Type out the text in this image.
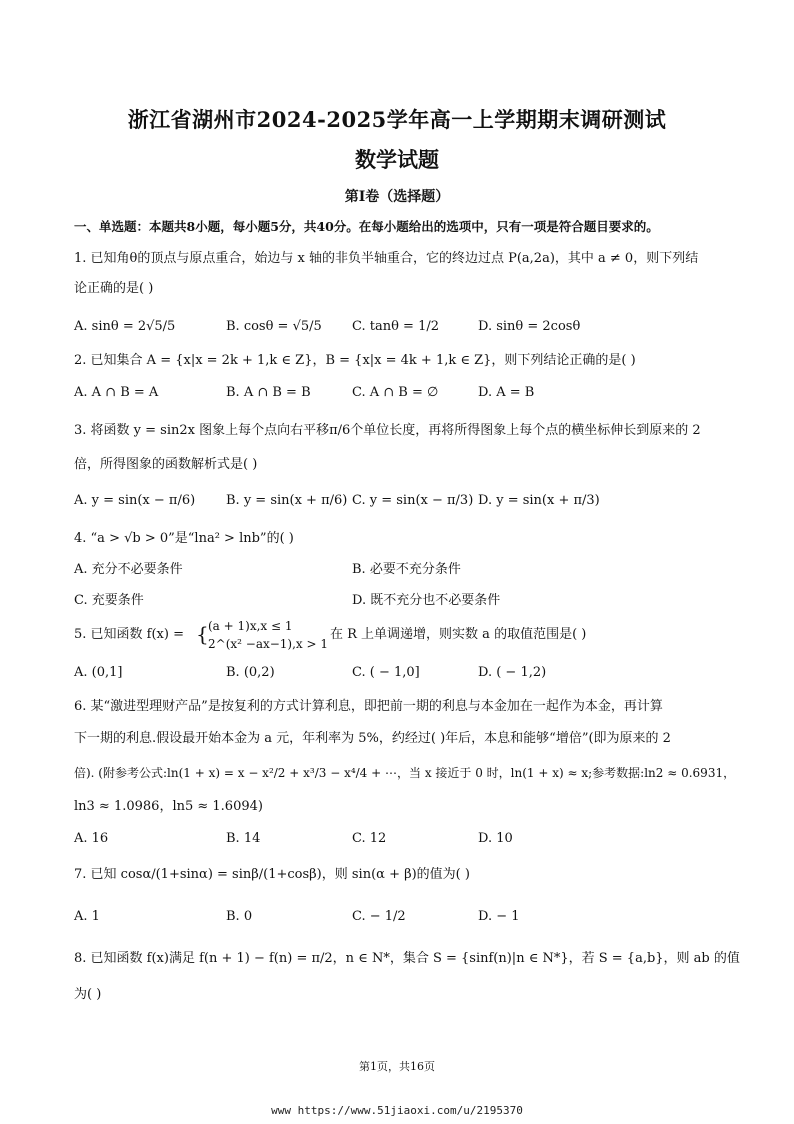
浙江省湖州市2024-2025学年高一上学期期末调研测试
数学试题
第I卷（选择题）
一、单选题：本题共8小题，每小题5分，共40分。在每小题给出的选项中，只有一项是符合题目要求的。
1. 已知角θ的顶点与原点重合，始边与 x 轴的非负半轴重合，它的终边过点 P(a,2a)，其中 a ≠ 0，则下列结
论正确的是( )
A. sinθ = 2√5/5	B. cosθ = √5/5 C. tanθ = 1/2	D. sinθ = 2cosθ
2. 已知集合 A = {x|x = 2k + 1,k ∈ Z}，B = {x|x = 4k + 1,k ∈ Z}，则下列结论正确的是( )
A. A ∩ B = A	B. A ∩ B = B	C. A ∩ B = ∅	D. A = B
3. 将函数 y = sin2x 图象上每个点向右平移π/6个单位长度，再将所得图象上每个点的横坐标伸长到原来的 2
倍，所得图象的函数解析式是( )
A. y = sin(x − π/6) B. y = sin(x + π/6) C. y = sin(x − π/3) D. y = sin(x + π/3)
4. “a > √b > 0”是“lna² > lnb”的( )
A. 充分不必要条件	B. 必要不充分条件
C. 充要条件	D. 既不充分也不必要条件
5. 已知函数 f(x) = { (a + 1)x,x ≤ 1
2^(x² −ax−1),x > 1
在 R 上单调递增，则实数 a 的取值范围是( )
A. (0,1]	B. (0,2)	C. ( − 1,0]	D. ( − 1,2)
6. 某“激进型理财产品”是按复利的方式计算利息，即把前一期的利息与本金加在一起作为本金，再计算
下一期的利息.假设最开始本金为 a 元，年利率为 5%，约经过( )年后，本息和能够“增倍”(即为原来的 2
倍). (附参考公式:ln(1 + x) = x − x²/2 + x³/3 − x⁴/4 + ⋯，当 x 接近于 0 时，ln(1 + x) ≈ x;参考数据:ln2 ≈ 0.6931，
ln3 ≈ 1.0986，ln5 ≈ 1.6094)
A. 16	B. 14	C. 12	D. 10
7. 已知 cosα/(1+sinα) = sinβ/(1+cosβ)，则 sin(α + β)的值为( )
A. 1	B. 0	C. − 1/2	D. − 1
8. 已知函数 f(x)满足 f(n + 1) − f(n) = π/2，n ∈ N*，集合 S = {sinf(n)|n ∈ N*}，若 S = {a,b}，则 ab 的值
为( )
第1页，共16页
www https://www.51jiaoxi.com/u/2195370
